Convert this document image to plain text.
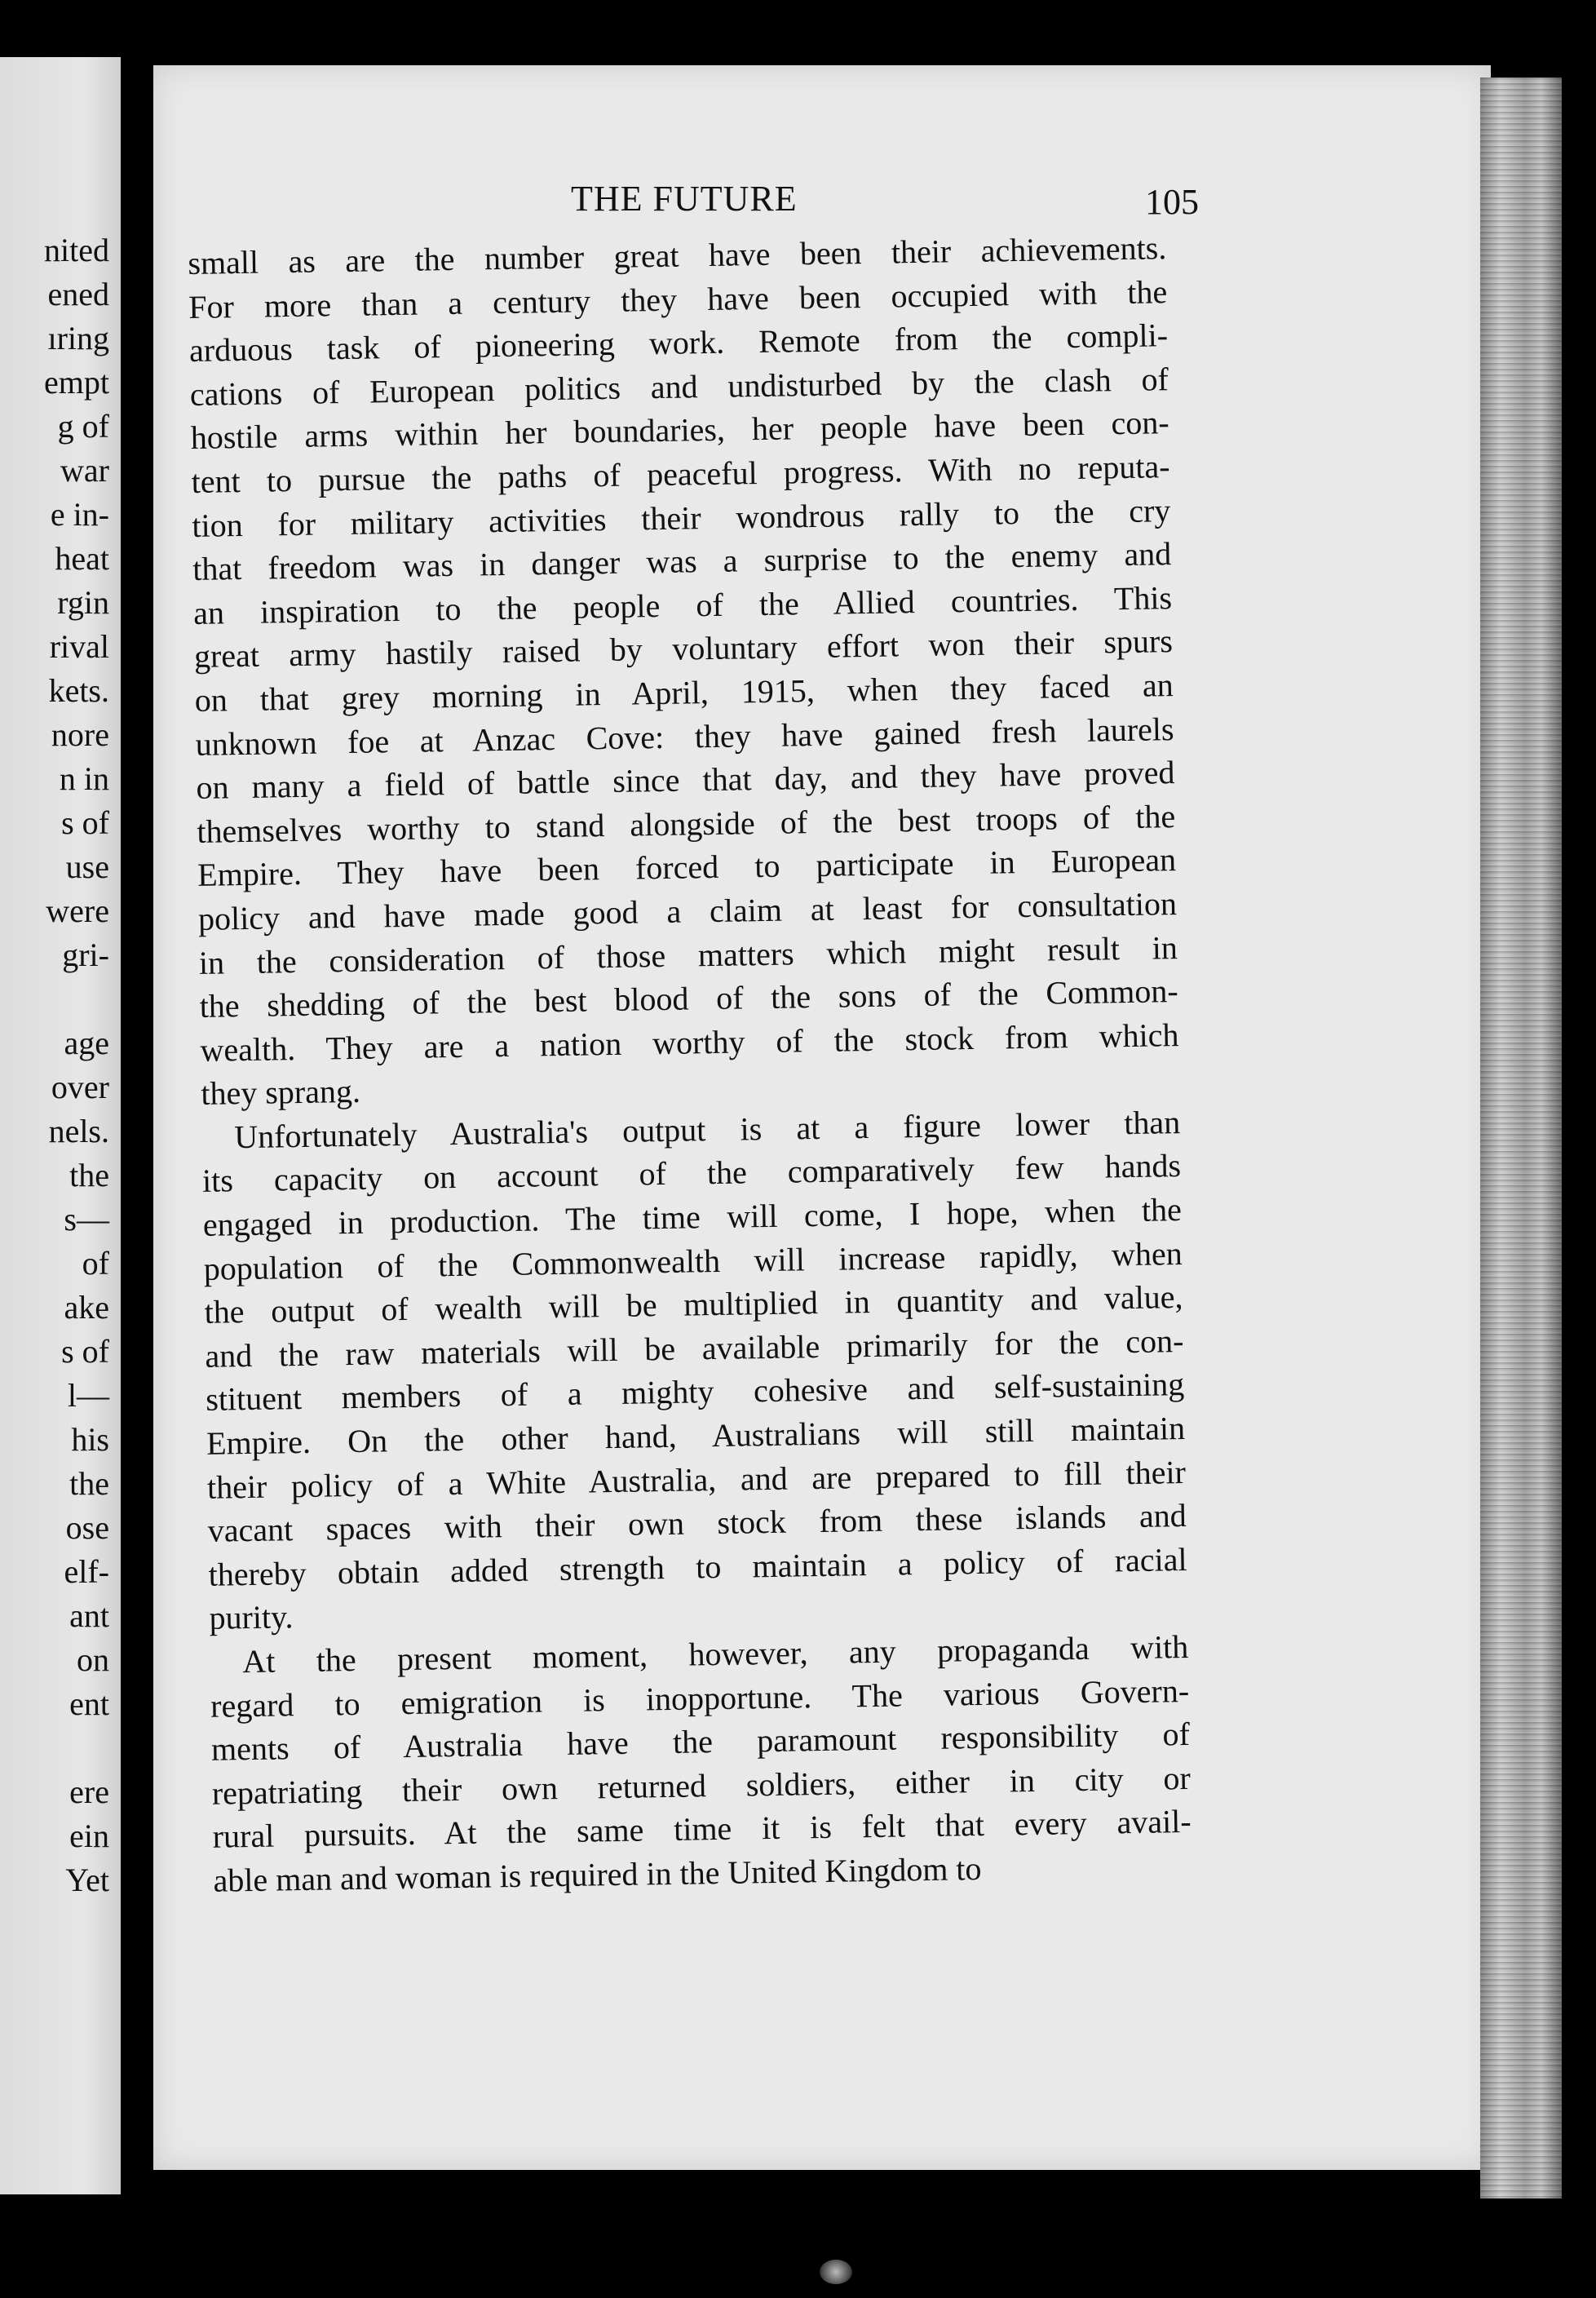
nited
ened
ıring
empt
g of
war
e in-
heat
rgin
rival
kets.
nore
n in
s of
use
were
gri-
age
over
nels.
the
s—
of
ake
s of
l—
his
the
ose
elf-
ant
on
ent
ere
ein
Yet
THE FUTURE	105
small as are the number great have been their achievements.
For more than a century they have been occupied with the
arduous task of pioneering work. Remote from the compli-
cations of European politics and undisturbed by the clash of
hostile arms within her boundaries, her people have been con-
tent to pursue the paths of peaceful progress. With no reputa-
tion for military activities their wondrous rally to the cry
that freedom was in danger was a surprise to the enemy and
an inspiration to the people of the Allied countries. This
great army hastily raised by voluntary effort won their spurs
on that grey morning in April, 1915, when they faced an
unknown foe at Anzac Cove: they have gained fresh laurels
on many a field of battle since that day, and they have proved
themselves worthy to stand alongside of the best troops of the
Empire. They have been forced to participate in European
policy and have made good a claim at least for consultation
in the consideration of those matters which might result in
the shedding of the best blood of the sons of the Common-
wealth. They are a nation worthy of the stock from which
they sprang.
Unfortunately Australia's output is at a figure lower than
its capacity on account of the comparatively few hands
engaged in production. The time will come, I hope, when the
population of the Commonwealth will increase rapidly, when
the output of wealth will be multiplied in quantity and value,
and the raw materials will be available primarily for the con-
stituent members of a mighty cohesive and self-sustaining
Empire. On the other hand, Australians will still maintain
their policy of a White Australia, and are prepared to fill their
vacant spaces with their own stock from these islands and
thereby obtain added strength to maintain a policy of racial
purity.
At the present moment, however, any propaganda with
regard to emigration is inopportune. The various Govern-
ments of Australia have the paramount responsibility of
repatriating their own returned soldiers, either in city or
rural pursuits. At the same time it is felt that every avail-
able man and woman is required in the United Kingdom to
